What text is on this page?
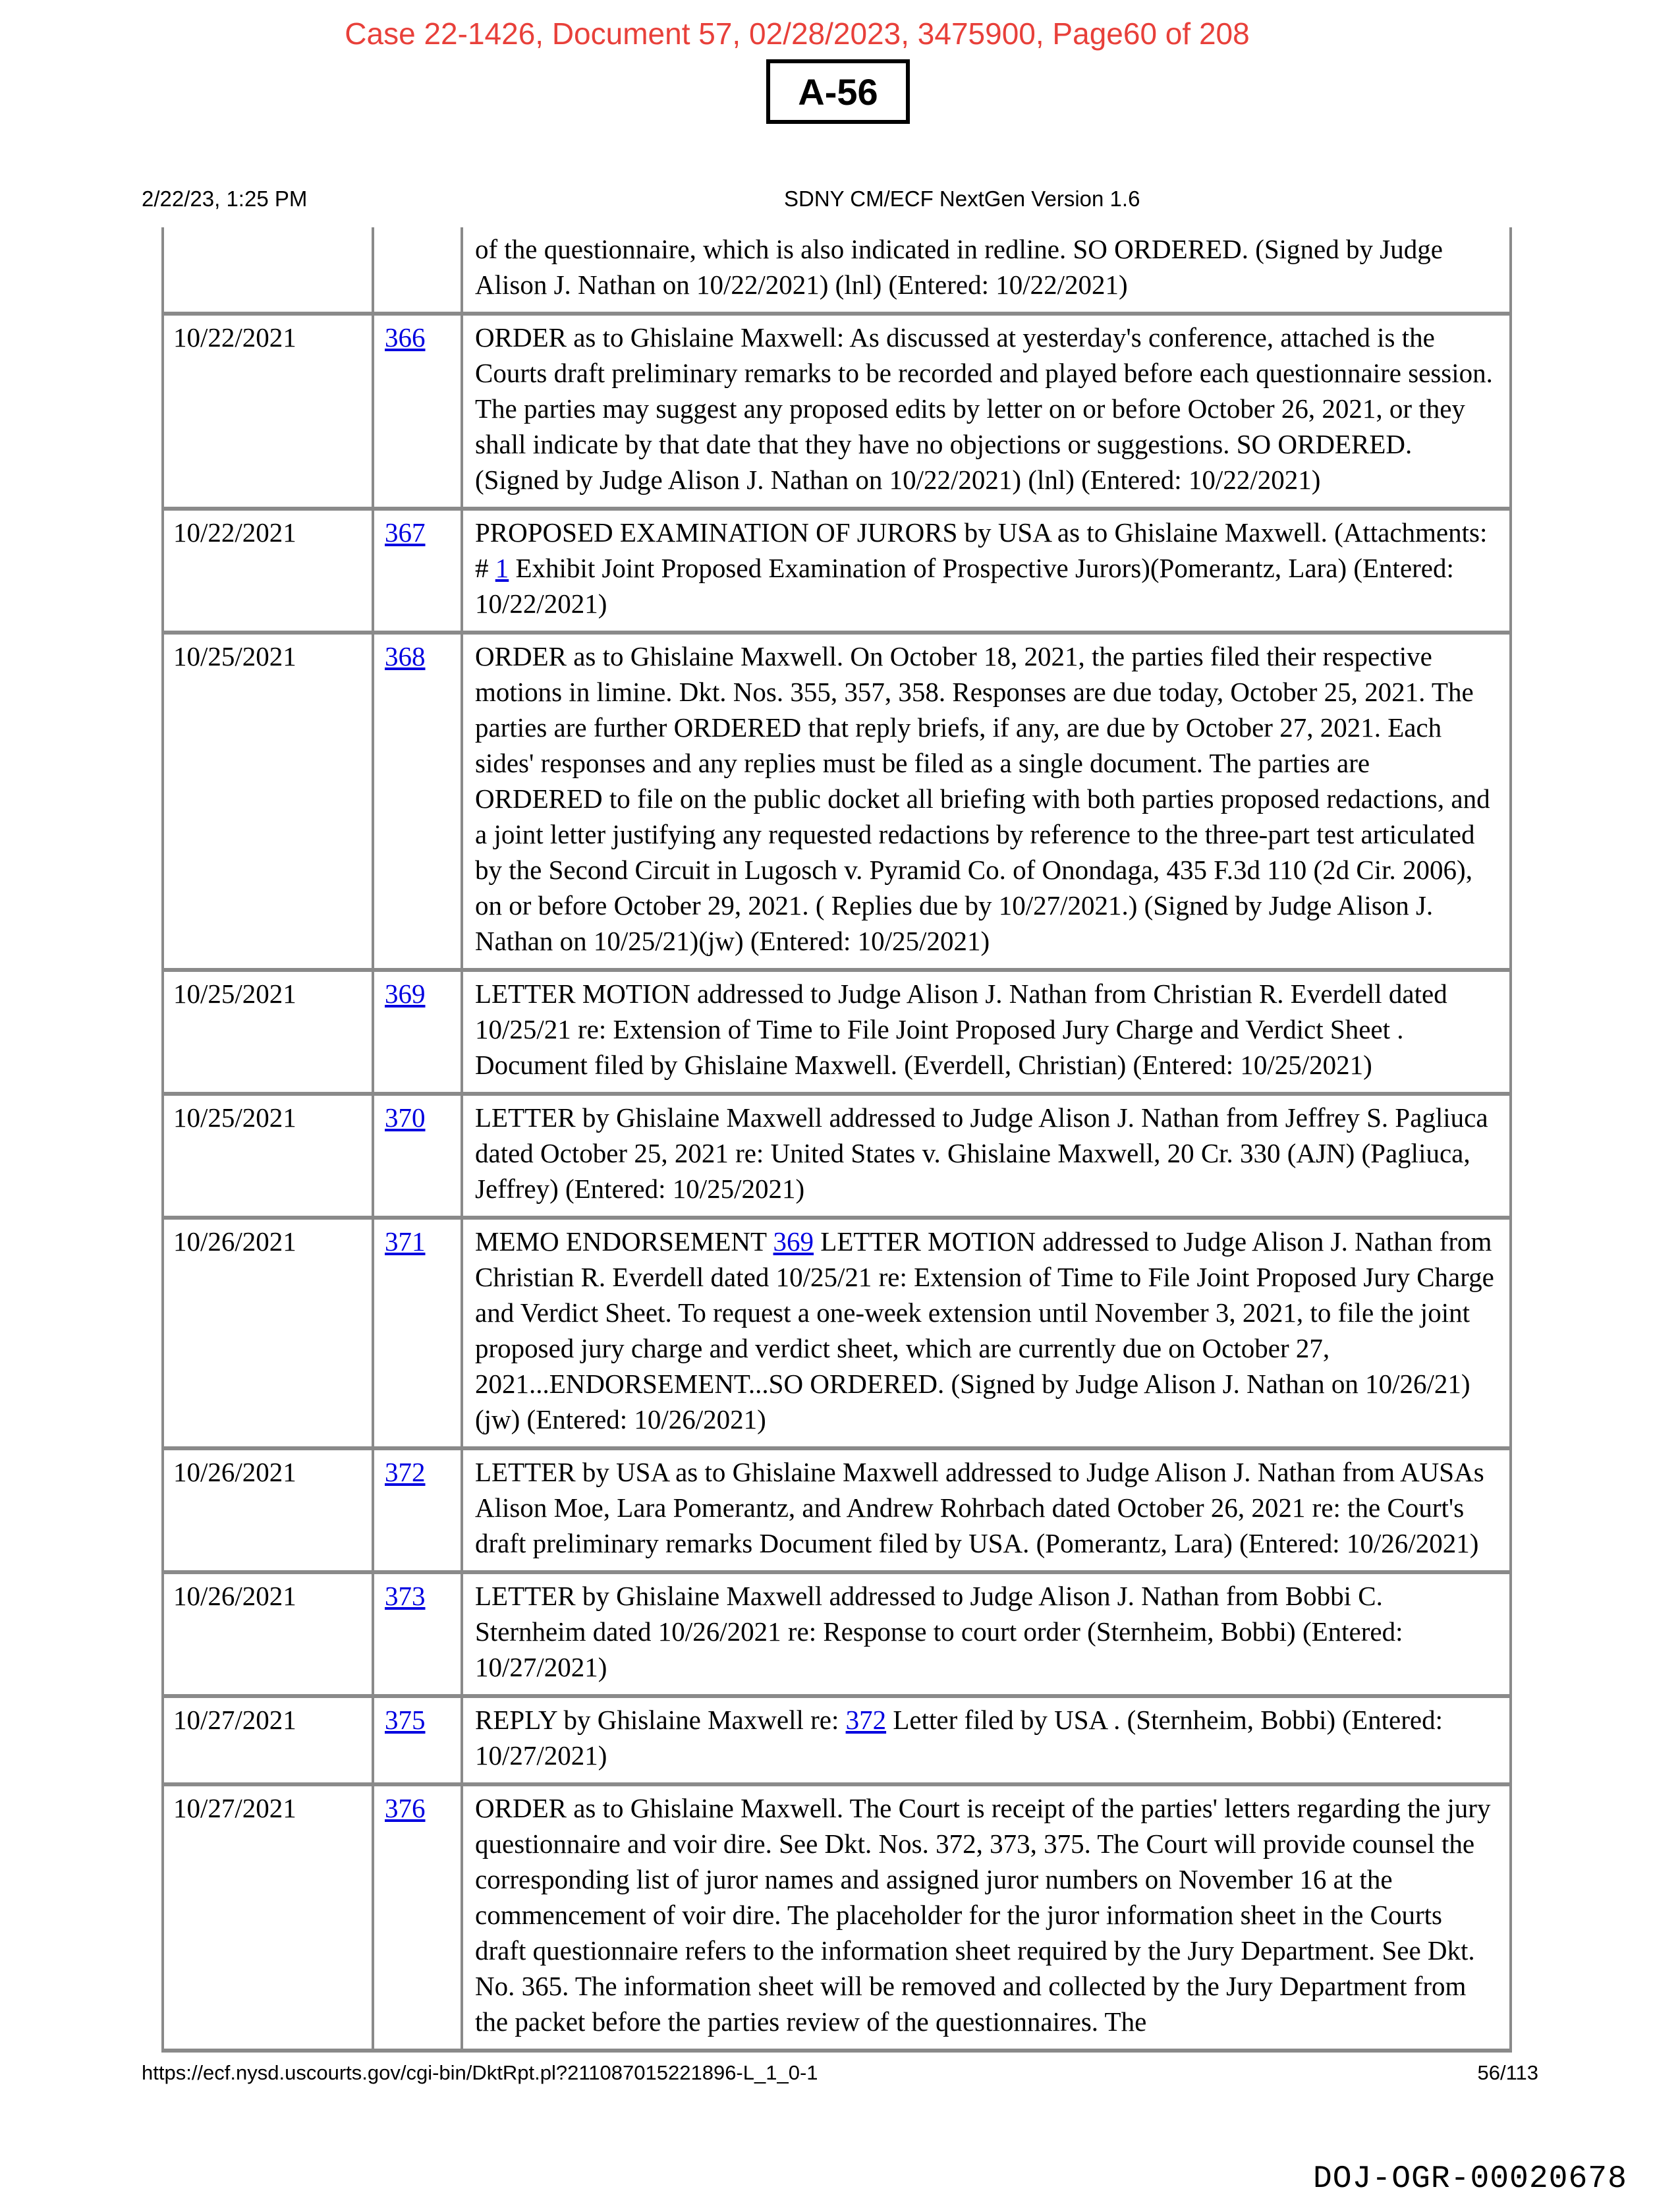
Case 22-1426, Document 57, 02/28/2023, 3475900, Page60 of 208
A-56
2/22/23, 1:25 PM	SDNY CM/ECF NextGen Version 1.6
		of the questionnaire, which is also indicated in redline. SO ORDERED. (Signed by Judge Alison J. Nathan on 10/22/2021) (lnl) (Entered: 10/22/2021)
10/22/2021	366	ORDER as to Ghislaine Maxwell: As discussed at yesterday's conference, attached is the Courts draft preliminary remarks to be recorded and played before each questionnaire session. The parties may suggest any proposed edits by letter on or before October 26, 2021, or they shall indicate by that date that they have no objections or suggestions. SO ORDERED. (Signed by Judge Alison J. Nathan on 10/22/2021) (lnl) (Entered: 10/22/2021)
10/22/2021	367	PROPOSED EXAMINATION OF JURORS by USA as to Ghislaine Maxwell. (Attachments: # 1 Exhibit Joint Proposed Examination of Prospective Jurors)(Pomerantz, Lara) (Entered: 10/22/2021)
10/25/2021	368	ORDER as to Ghislaine Maxwell. On October 18, 2021, the parties filed their respective motions in limine. Dkt. Nos. 355, 357, 358. Responses are due today, October 25, 2021. The parties are further ORDERED that reply briefs, if any, are due by October 27, 2021. Each sides' responses and any replies must be filed as a single document. The parties are ORDERED to file on the public docket all briefing with both parties proposed redactions, and a joint letter justifying any requested redactions by reference to the three-part test articulated by the Second Circuit in Lugosch v. Pyramid Co. of Onondaga, 435 F.3d 110 (2d Cir. 2006), on or before October 29, 2021. ( Replies due by 10/27/2021.) (Signed by Judge Alison J. Nathan on 10/25/21)(jw) (Entered: 10/25/2021)
10/25/2021	369	LETTER MOTION addressed to Judge Alison J. Nathan from Christian R. Everdell dated 10/25/21 re: Extension of Time to File Joint Proposed Jury Charge and Verdict Sheet . Document filed by Ghislaine Maxwell. (Everdell, Christian) (Entered: 10/25/2021)
10/25/2021	370	LETTER by Ghislaine Maxwell addressed to Judge Alison J. Nathan from Jeffrey S. Pagliuca dated October 25, 2021 re: United States v. Ghislaine Maxwell, 20 Cr. 330 (AJN) (Pagliuca, Jeffrey) (Entered: 10/25/2021)
10/26/2021	371	MEMO ENDORSEMENT 369 LETTER MOTION addressed to Judge Alison J. Nathan from Christian R. Everdell dated 10/25/21 re: Extension of Time to File Joint Proposed Jury Charge and Verdict Sheet. To request a one-week extension until November 3, 2021, to file the joint proposed jury charge and verdict sheet, which are currently due on October 27, 2021...ENDORSEMENT...SO ORDERED. (Signed by Judge Alison J. Nathan on 10/26/21) (jw) (Entered: 10/26/2021)
10/26/2021	372	LETTER by USA as to Ghislaine Maxwell addressed to Judge Alison J. Nathan from AUSAs Alison Moe, Lara Pomerantz, and Andrew Rohrbach dated October 26, 2021 re: the Court's draft preliminary remarks Document filed by USA. (Pomerantz, Lara) (Entered: 10/26/2021)
10/26/2021	373	LETTER by Ghislaine Maxwell addressed to Judge Alison J. Nathan from Bobbi C. Sternheim dated 10/26/2021 re: Response to court order (Sternheim, Bobbi) (Entered: 10/27/2021)
10/27/2021	375	REPLY by Ghislaine Maxwell re: 372 Letter filed by USA . (Sternheim, Bobbi) (Entered: 10/27/2021)
10/27/2021	376	ORDER as to Ghislaine Maxwell. The Court is receipt of the parties' letters regarding the jury questionnaire and voir dire. See Dkt. Nos. 372, 373, 375. The Court will provide counsel the corresponding list of juror names and assigned juror numbers on November 16 at the commencement of voir dire. The placeholder for the juror information sheet in the Courts draft questionnaire refers to the information sheet required by the Jury Department. See Dkt. No. 365. The information sheet will be removed and collected by the Jury Department from the packet before the parties review of the questionnaires. The
https://ecf.nysd.uscourts.gov/cgi-bin/DktRpt.pl?211087015221896-L_1_0-1	56/113
DOJ-OGR-00020678
